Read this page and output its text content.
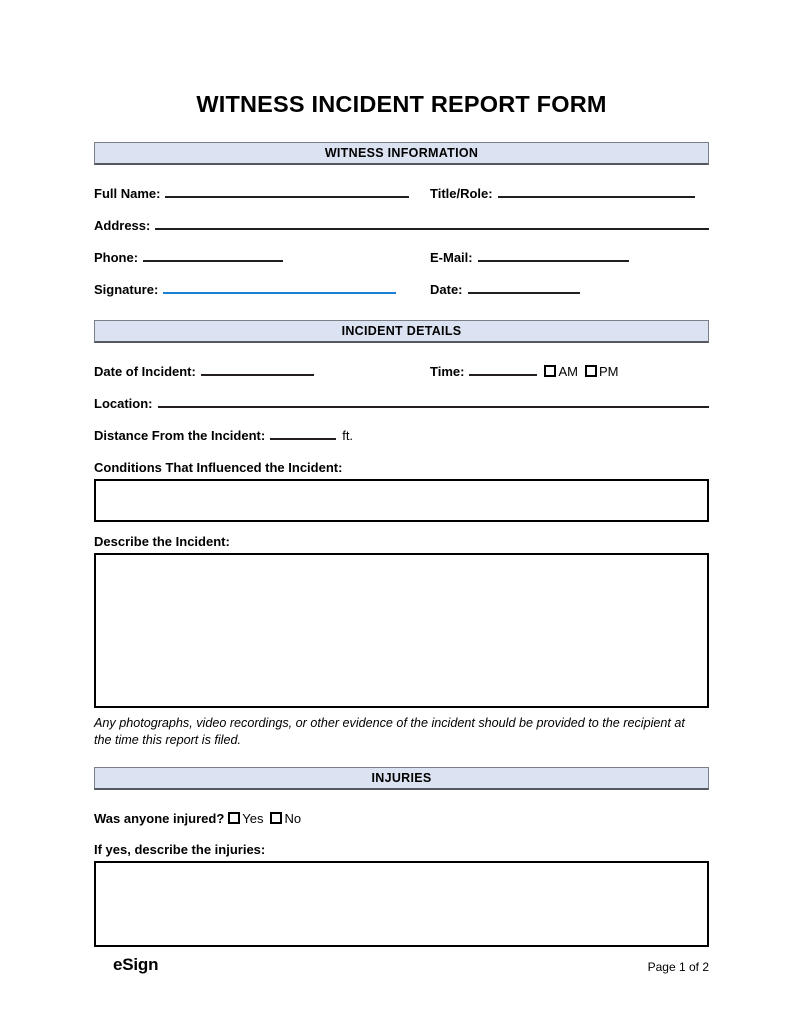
WITNESS INCIDENT REPORT FORM
WITNESS INFORMATION
Full Name:	Title/Role:
Address:
Phone:	E-Mail:
Signature:	Date:
INCIDENT DETAILS
Date of Incident:	Time:	AM PM
Location:
Distance From the Incident:	ft.
Conditions That Influenced the Incident:
Describe the Incident:
Any photographs, video recordings, or other evidence of the incident should be provided to the recipient at the time this report is filed.
INJURIES
Was anyone injured? Yes No
If yes, describe the injuries:
eSign	Page 1 of 2
